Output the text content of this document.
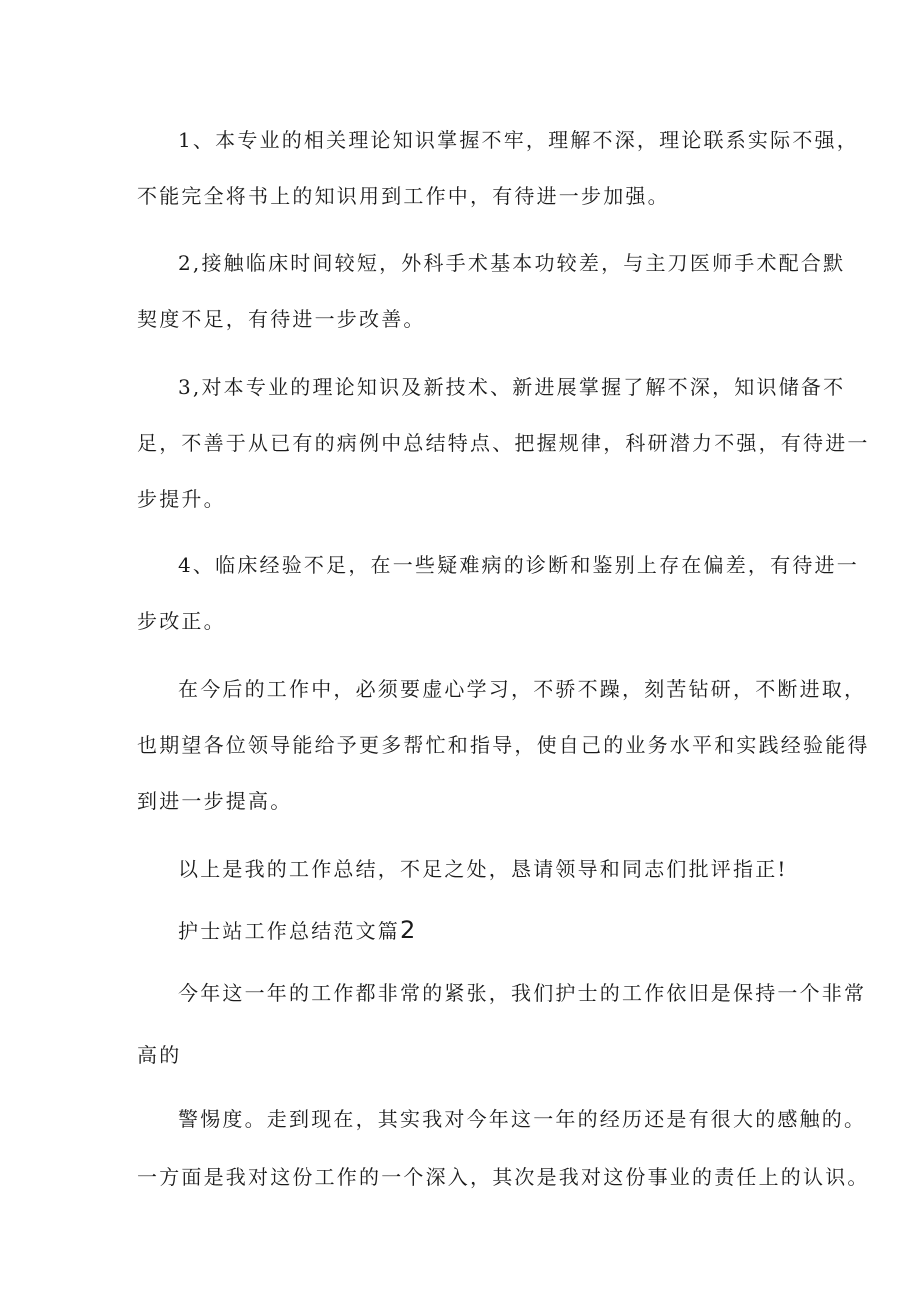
1、本专业的相关理论知识掌握不牢，理解不深，理论联系实际不强，
不能完全将书上的知识用到工作中，有待进一步加强。
2,接触临床时间较短，外科手术基本功较差，与主刀医师手术配合默
契度不足，有待进一步改善。
3,对本专业的理论知识及新技术、新进展掌握了解不深，知识储备不
足，不善于从已有的病例中总结特点、把握规律，科研潜力不强，有待进一
步提升。
4、临床经验不足，在一些疑难病的诊断和鉴别上存在偏差，有待进一
步改正。
在今后的工作中，必须要虚心学习，不骄不躁，刻苦钻研，不断进取，
也期望各位领导能给予更多帮忙和指导，使自己的业务水平和实践经验能得
到进一步提高。
以上是我的工作总结，不足之处，恳请领导和同志们批评指正!
护士站工作总结范文篇2
今年这一年的工作都非常的紧张，我们护士的工作依旧是保持一个非常
高的
警惕度。走到现在，其实我对今年这一年的经历还是有很大的感触的。
一方面是我对这份工作的一个深入，其次是我对这份事业的责任上的认识。
